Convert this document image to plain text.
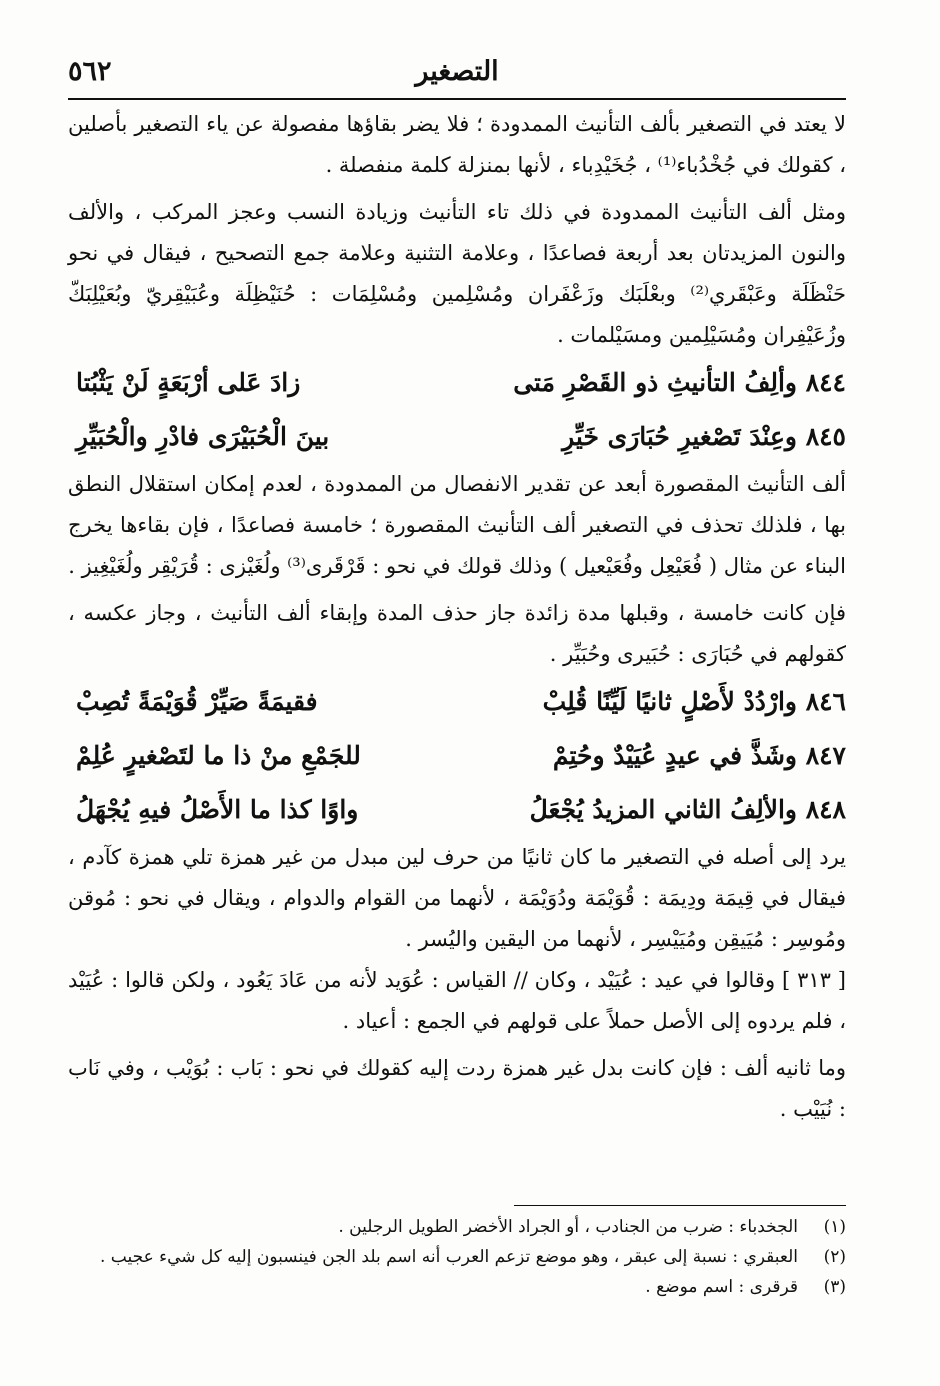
التصغير
٥٦٢

لا يعتد في التصغير بألف التأنيث الممدودة ؛ فلا يضر بقاؤها مفصولة عن ياء التصغير بأصلين ، كقولك في جُخْدُباء⁽¹⁾ ، جُخَيْدِباء ، لأنها بمنزلة كلمة منفصلة .

ومثل ألف التأنيث الممدودة في ذلك تاء التأنيث وزيادة النسب وعجز المركب ، والألف والنون المزيدتان بعد أربعة فصاعدًا ، وعلامة التثنية وعلامة جمع التصحيح ، فيقال في نحو حَنْظَلَة وعَبْقَري⁽²⁾ وبعْلَبَك وزَعْفَران ومُسْلِمين ومُسْلِمَات : حُنَيْظِلَة وعُبَيْقِريّ وبُعَيْلِبَكّ وزُعَيْفِران ومُسَيْلِمين ومسَيْلمات .

٨٤٤ وألِفُ التأنيثِ ذو القَصْرِ مَتى
زادَ عَلى أرْبَعَةٍ لَنْ يَثْبُتا
٨٤٥ وعِنْدَ تَصْغيرِ حُبَارَى خَيِّرِ
بينَ الْحُبَيْرَى فادْرِ والْحُبَيِّرِ

ألف التأنيث المقصورة أبعد عن تقدير الانفصال من الممدودة ، لعدم إمكان استقلال النطق بها ، فلذلك تحذف في التصغير ألف التأنيث المقصورة ؛ خامسة فصاعدًا ، فإن بقاءها يخرج البناء عن مثال ( فُعَيْعِل وفُعَيْعيل ) وذلك قولك في نحو : قَرْقَرى⁽³⁾ ولُغَيْزى : قُرَيْقِر ولُغَيْغِيز .

فإن كانت خامسة ، وقبلها مدة زائدة جاز حذف المدة وإبقاء ألف التأنيث ، وجاز عكسه ، كقولهم في حُبَارَى : حُبَيرى وحُبَيِّر .

٨٤٦ وارْدُدْ لأَصْلٍ ثانيًا لَيِّنًا قُلِبْ
فقيمَةً صَيِّرْ قُوَيْمَةً تُصِبْ
٨٤٧ وشَذَّ في عيدٍ عُيَيْدٌ وحُتِمْ
للجَمْعِ منْ ذا ما لتَصْغيرٍ عُلِمْ
٨٤٨ والألِفُ الثاني المزيدُ يُجْعَلُ
واوًا كذا ما الأَصْلُ فيهِ يُجْهَلُ

يرد إلى أصله في التصغير ما كان ثانيًا من حرف لين مبدل من غير همزة تلي همزة كآدم ، فيقال في قِيمَة ودِيمَة : قُوَيْمَة ودُوَيْمَة ، لأنهما من القوام والدوام ، ويقال في نحو : مُوقن ومُوسِر : مُيَيقِن ومُيَيْسِر ، لأنهما من اليقين واليُسر .

[ ٣١٣ ] وقالوا في عيد : عُيَيْد ، وكان // القياس : عُوَيد لأنه من عَادَ يَعُود ، ولكن قالوا : عُيَيْد ، فلم يردوه إلى الأصل حملاً على قولهم في الجمع : أعياد .

وما ثانيه ألف : فإن كانت بدل غير همزة ردت إليه كقولك في نحو : بَاب : بُوَيْب ، وفي نَاب : نُيَيْب .

(١)
الجخدباء : ضرب من الجنادب ، أو الجراد الأخضر الطويل الرجلين .
(٢)
العبقري : نسبة إلى عبقر ، وهو موضع تزعم العرب أنه اسم بلد الجن فينسبون إليه كل شيء عجيب .
(٣)
قرقرى : اسم موضع .
